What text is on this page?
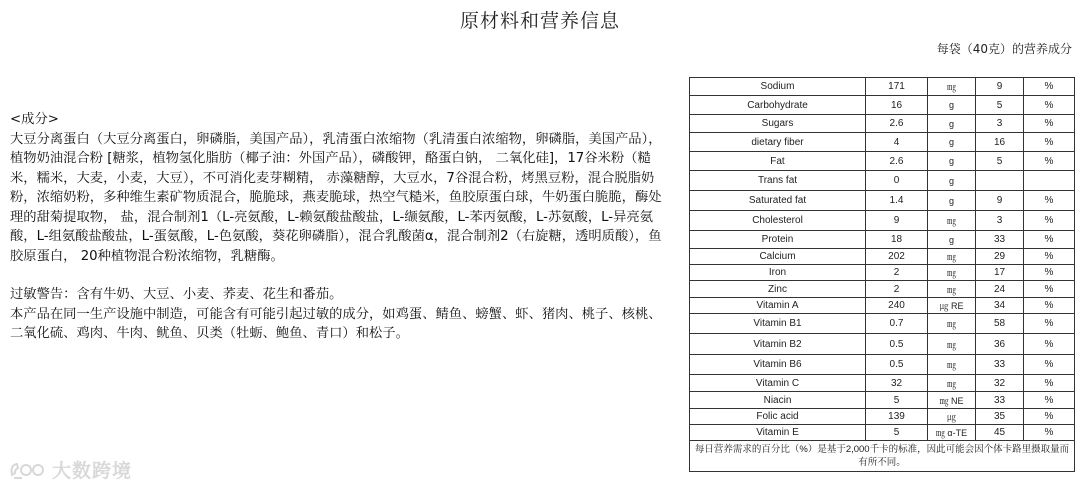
原材料和营养信息
每袋（40克）的营养成分

<成分>

大豆分离蛋白（大豆分离蛋白，卵磷脂，美国产品），乳清蛋白浓缩物（乳清蛋白浓缩物，卵磷脂，美国产品），植物奶油混合粉 [糖浆，植物氢化脂肪（椰子油：外国产品），磷酸钾，酪蛋白钠， 二氧化硅]，17谷米粉（糙米，糯米，大麦，小麦，大豆），不可消化麦芽糊精， 赤藻糖醇，大豆水，7谷混合粉，烤黑豆粉，混合脱脂奶粉，浓缩奶粉，多种维生素矿物质混合，脆脆球，燕麦脆球，热空气糙米，鱼胶原蛋白球，牛奶蛋白脆脆，酶处理的甜菊提取物， 盐，混合制剂1（L-亮氨酸，L-赖氨酸盐酸盐，L-缬氨酸，L-苯丙氨酸，L-苏氨酸，L-异亮氨酸，L-组氨酸盐酸盐，L-蛋氨酸，L-色氨酸，葵花卵磷脂），混合乳酸菌α，混合制剂2（右旋糖，透明质酸），鱼胶原蛋白， 20种植物混合粉浓缩物，乳糖酶。

过敏警告：含有牛奶、大豆、小麦、荞麦、花生和番茄。

本产品在同一生产设施中制造，可能含有可能引起过敏的成分，如鸡蛋、鲭鱼、螃蟹、虾、猪肉、桃子、核桃、二氧化硫、鸡肉、牛肉、鱿鱼、贝类（牡蛎、鲍鱼、青口）和松子。

Sodium	171	㎎	9	%
Carbohydrate	16	g	5	%
Sugars	2.6	g	3	%
dietary fiber	4	g	16	%
Fat	2.6	g	5	%
Trans fat	0	g		
Saturated fat	1.4	g	9	%
Cholesterol	9	㎎	3	%
Protein	18	g	33	%
Calcium	202	㎎	29	%
Iron	2	㎎	17	%
Zinc	2	㎎	24	%
Vitamin A	240	㎍ RE	34	%
Vitamin B1	0.7	㎎	58	%
Vitamin B2	0.5	㎎	36	%
Vitamin B6	0.5	㎎	33	%
Vitamin C	32	㎎	32	%
Niacin	5	㎎ NE	33	%
Folic acid	139	㎍	35	%
Vitamin E	5	㎎ α-TE	45	%
每日营养需求的百分比（%）是基于2,000千卡的标准，因此可能会因个体卡路里摄取量而有所不同。				
大数跨境
